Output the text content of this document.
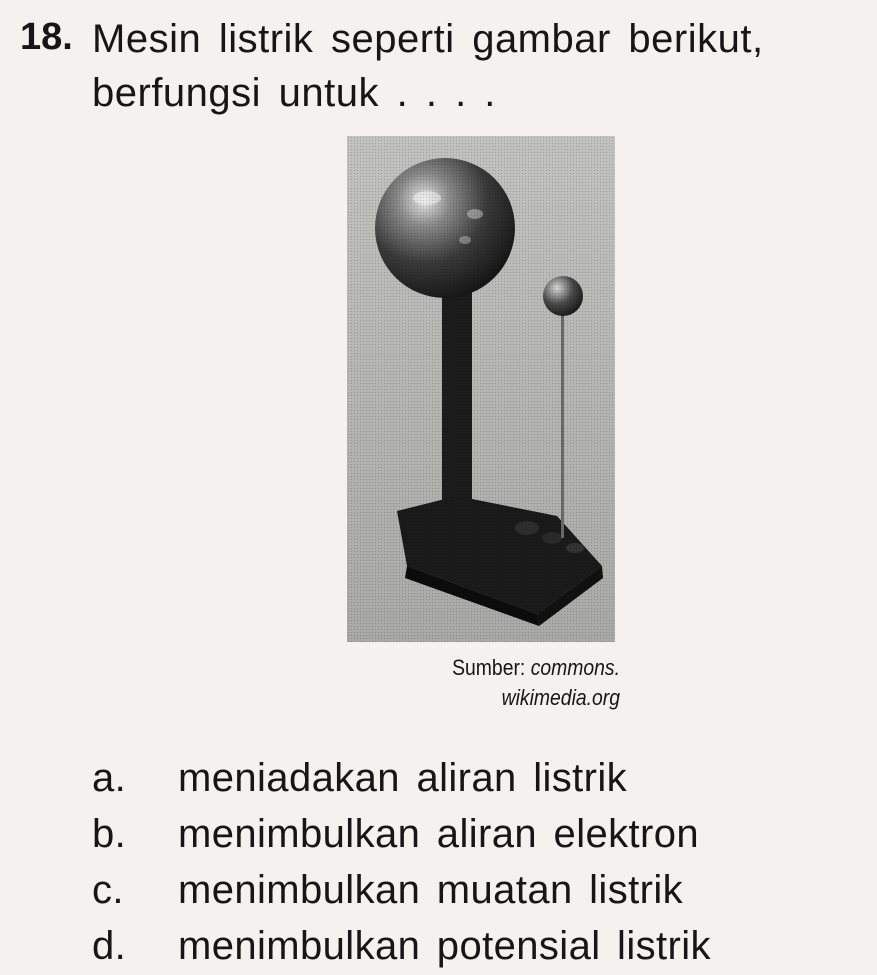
18. Mesin listrik seperti gambar berikut,
berfungsi untuk . . . .
Sumber: commons.
wikimedia.org
a.	meniadakan aliran listrik
b.	menimbulkan aliran elektron
c.	menimbulkan muatan listrik
d.	menimbulkan potensial listrik
